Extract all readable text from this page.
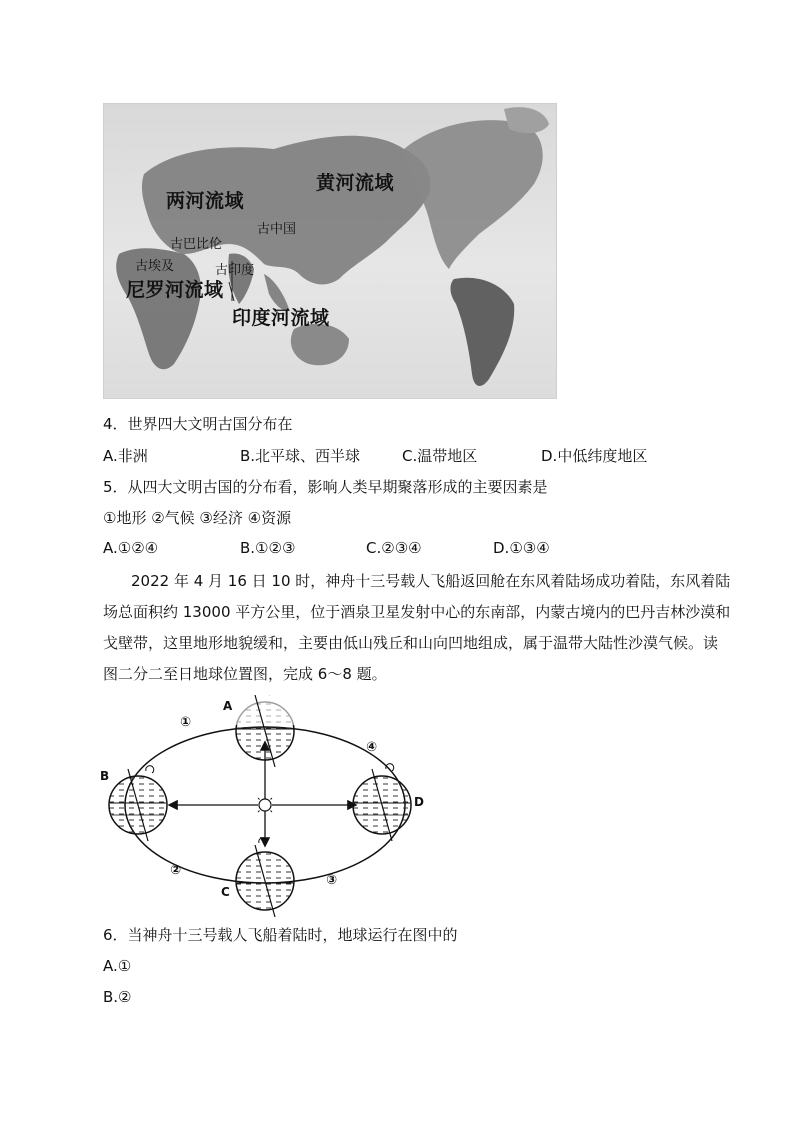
两河流域
黄河流域
古中国
古巴比伦
古埃及	古印度
尼罗河流域
印度河流域
4．世界四大文明古国分布在
A.非洲	B.北平球、西半球	C.温带地区	D.中低纬度地区
5．从四大文明古国的分布看，影响人类早期聚落形成的主要因素是
①地形 ②气候 ③经济 ④资源
A.①②④	B.①②③	C.②③④	D.①③④
2022 年 4 月 16 日 10 时，神舟十三号载人飞船返回舱在东风着陆场成功着陆，东风着陆
场总面积约 13000 平方公里，位于酒泉卫星发射中心的东南部，内蒙古境内的巴丹吉林沙漠和
戈壁带，这里地形地貌缓和，主要由低山残丘和山向凹地组成，属于温带大陆性沙漠气候。读
图二分二至日地球位置图，完成 6～8 题。
A
B
C
D
①
②
③
④
6．当神舟十三号载人飞船着陆时，地球运行在图中的
A.①
B.②
